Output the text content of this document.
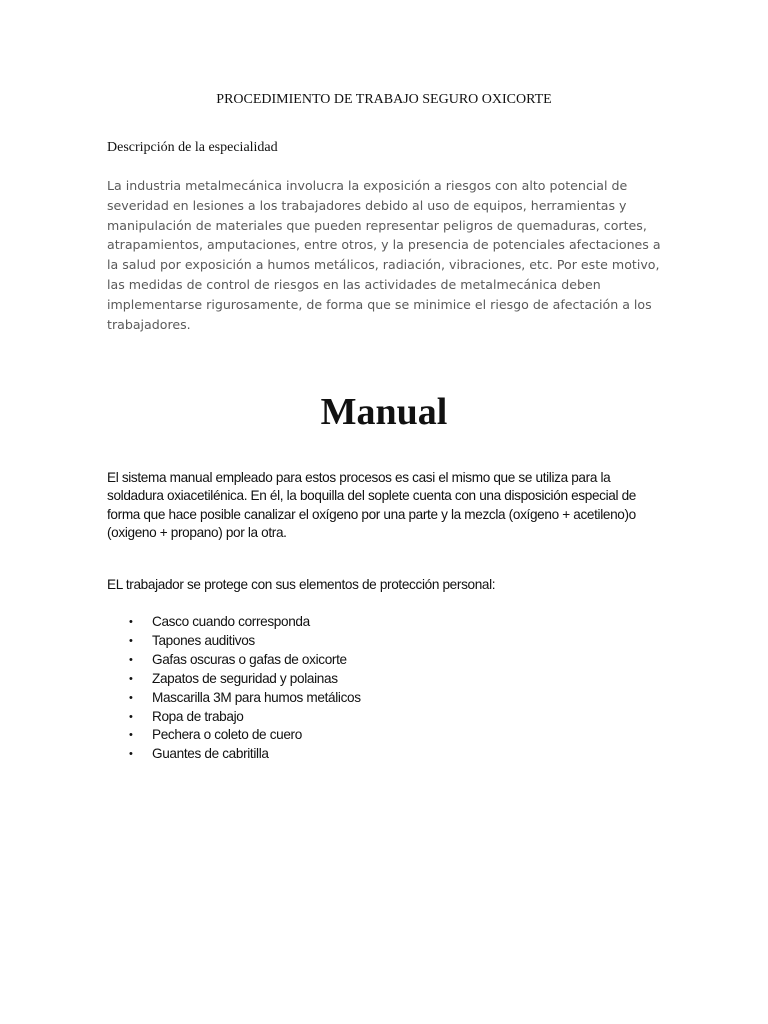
PROCEDIMIENTO DE TRABAJO SEGURO OXICORTE
Descripción de la especialidad

La industria metalmecánica involucra la exposición a riesgos con alto potencial de severidad en lesiones a los trabajadores debido al uso de equipos, herramientas y manipulación de materiales que pueden representar peligros de quemaduras, cortes, atrapamientos, amputaciones, entre otros, y la presencia de potenciales afectaciones a la salud por exposición a humos metálicos, radiación, vibraciones, etc. Por este motivo, las medidas de control de riesgos en las actividades de metalmecánica deben implementarse rigurosamente, de forma que se minimice el riesgo de afectación a los trabajadores.

Manual

El sistema manual empleado para estos procesos es casi el mismo que se utiliza para la soldadura oxiacetilénica. En él, la boquilla del soplete cuenta con una disposición especial de forma que hace posible canalizar el oxígeno por una parte y la mezcla (oxígeno + acetileno)o (oxigeno + propano) por la otra.

EL trabajador se protege con sus elementos de protección personal:

• Casco cuando corresponda
• Tapones auditivos
• Gafas oscuras o gafas de oxicorte
• Zapatos de seguridad y polainas
• Mascarilla 3M para humos metálicos
• Ropa de trabajo
• Pechera o coleto de cuero
• Guantes de cabritilla
